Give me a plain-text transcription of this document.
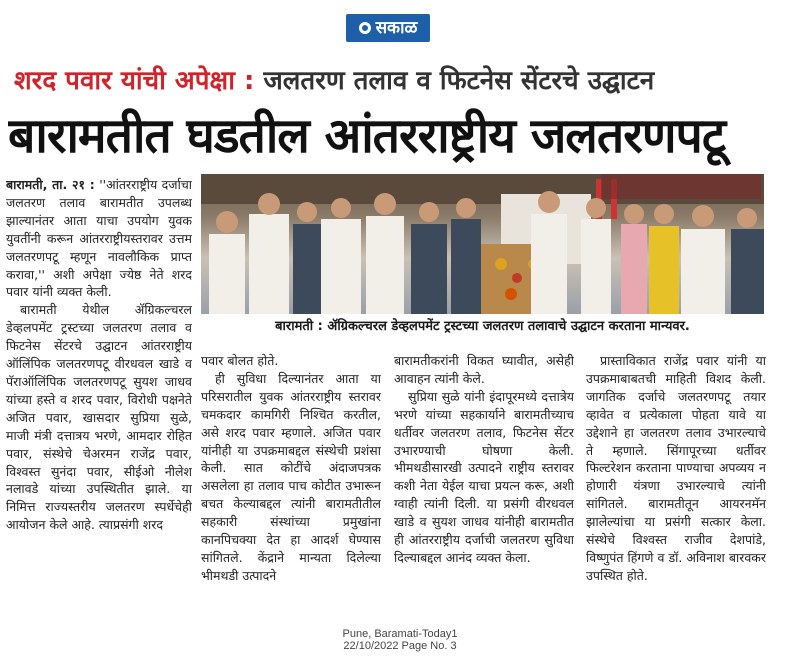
सकाळ
शरद पवार यांची अपेक्षा : जलतरण तलाव व फिटनेस सेंटरचे उद्घाटन
बारामतीत घडतील आंतरराष्ट्रीय जलतरणपटू
बारामती : ॲग्रिकल्चरल डेव्हलपमेंट ट्रस्टच्या जलतरण तलावाचे उद्घाटन करताना मान्यवर.

बारामती, ता. २१ : ''आंतरराष्ट्रीय दर्जाचा जलतरण तलाव बारामतीत उपलब्ध झाल्यानंतर आता याचा उपयोग युवक युवतींनी करून आंतरराष्ट्रीयस्तरावर उत्तम जलतरणपटू म्हणून नावलौकिक प्राप्त करावा,'' अशी अपेक्षा ज्येष्ठ नेते शरद पवार यांनी व्यक्त केली.

बारामती येथील ॲग्रिकल्चरल डेव्हलपमेंट ट्रस्टच्या जलतरण तलाव व फिटनेस सेंटरचे उद्घाटन आंतरराष्ट्रीय ऑलिंपिक जलतरणपटू वीरधवल खाडे व पॅराऑलिंपिक जलतरणपटू सुयश जाधव यांच्या हस्ते व शरद पवार, विरोधी पक्षनेते अजित पवार, खासदार सुप्रिया सुळे, माजी मंत्री दत्तात्रय भरणे, आमदार रोहित पवार, संस्थेचे चेअरमन राजेंद्र पवार, विश्वस्त सुनंदा पवार, सीईओ नीलेश नलावडे यांच्या उपस्थितीत झाले. या निमित्त राज्यस्तरीय जलतरण स्पर्धेचेही आयोजन केले आहे. त्याप्रसंगी शरद

पवार बोलत होते.

ही सुविधा दिल्यानंतर आता या परिसरातील युवक आंतरराष्ट्रीय स्तरावर चमकदार कामगिरी निश्चित करतील, असे शरद पवार म्हणाले. अजित पवार यांनीही या उपक्रमाबद्दल संस्थेची प्रशंसा केली. सात कोटींचे अंदाजपत्रक असलेला हा तलाव पाच कोटीत उभारून बचत केल्याबद्दल त्यांनी बारामतीतील सहकारी संस्थांच्या प्रमुखांना कानपिचक्या देत हा आदर्श घेण्यास सांगितले. केंद्राने मान्यता दिलेल्या भीमथडी उत्पादने

बारामतीकरांनी विकत घ्यावीत, असेही आवाहन त्यांनी केले.

सुप्रिया सुळे यांनी इंदापूरमध्ये दत्तात्रेय भरणे यांच्या सहकार्याने बारामतीच्याच धर्तीवर जलतरण तलाव, फिटनेस सेंटर उभारण्याची घोषणा केली. भीमथडीसारखी उत्पादने राष्ट्रीय स्तरावर कशी नेता येईल याचा प्रयत्न करू, अशी ग्वाही त्यांनी दिली. या प्रसंगी वीरधवल खाडे व सुयश जाधव यांनीही बारामतीत ही आंतरराष्ट्रीय दर्जाची जलतरण सुविधा दिल्याबद्दल आनंद व्यक्त केला.

प्रास्ताविकात राजेंद्र पवार यांनी या उपक्रमाबाबतची माहिती विशद केली. जागतिक दर्जाचे जलतरणपटू तयार व्हावेत व प्रत्येकाला पोहता यावे या उद्देशाने हा जलतरण तलाव उभारल्याचे ते म्हणाले. सिंगापूरच्या धर्तीवर फिल्टरेशन करताना पाण्याचा अपव्यय न होणारी यंत्रणा उभारल्याचे त्यांनी सांगितले. बारामतीतून आयरनमॅन झालेल्यांचा या प्रसंगी सत्कार केला. संस्थेचे विश्वस्त राजीव देशपांडे, विष्णुपंत हिंगणे व डॉ. अविनाश बारवकर उपस्थित होते.

Pune, Baramati-Today1
22/10/2022 Page No. 3
